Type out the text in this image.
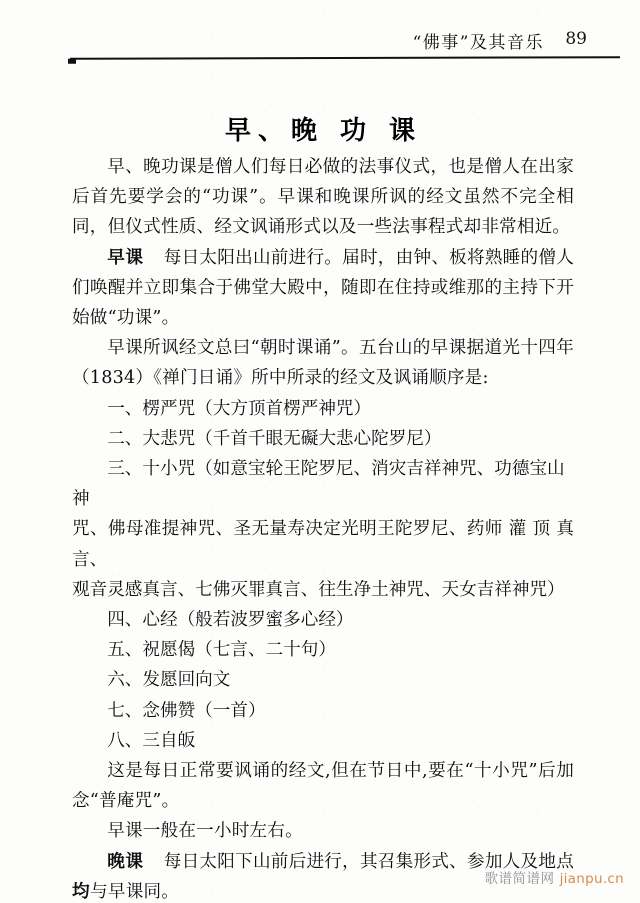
“佛事”及其音乐 89
早、晚 功 课

早、晚功课是僧人们每日必做的法事仪式，也是僧人在出家后首先要学会的“功课”。早课和晚课所讽的经文虽然不完全相同，但仪式性质、经文讽诵形式以及一些法事程式却非常相近。

早课 每日太阳出山前进行。届时，由钟、板将熟睡的僧人们唤醒并立即集合于佛堂大殿中，随即在住持或维那的主持下开始做“功课”。

早课所讽经文总曰“朝时课诵”。五台山的早课据道光十四年（1834）《禅门日诵》所中所录的经文及讽诵顺序是:

一、楞严咒（大方顶首楞严神咒）

二、大悲咒（千首千眼无礙大悲心陀罗尼）

三、十小咒（如意宝轮王陀罗尼、消灾吉祥神咒、功德宝山神

咒、佛母准提神咒、圣无量寿决定光明王陀罗尼、药师 灌 顶 真 言、

观音灵感真言、七佛灭罪真言、往生净土神咒、天女吉祥神咒）

四、心经（般若波罗蜜多心经）

五、祝愿偈（七言、二十句）

六、发愿回向文

七、念佛赞（一首）

八、三自皈

这是每日正常要讽诵的经文,但在节日中,要在“十小咒”后加念“普庵咒”。

早课一般在一小时左右。

晚课 每日太阳下山前后进行，其召集形式、参加人及地点均与早课同。

歌谱简谱网 jianpu.cn
